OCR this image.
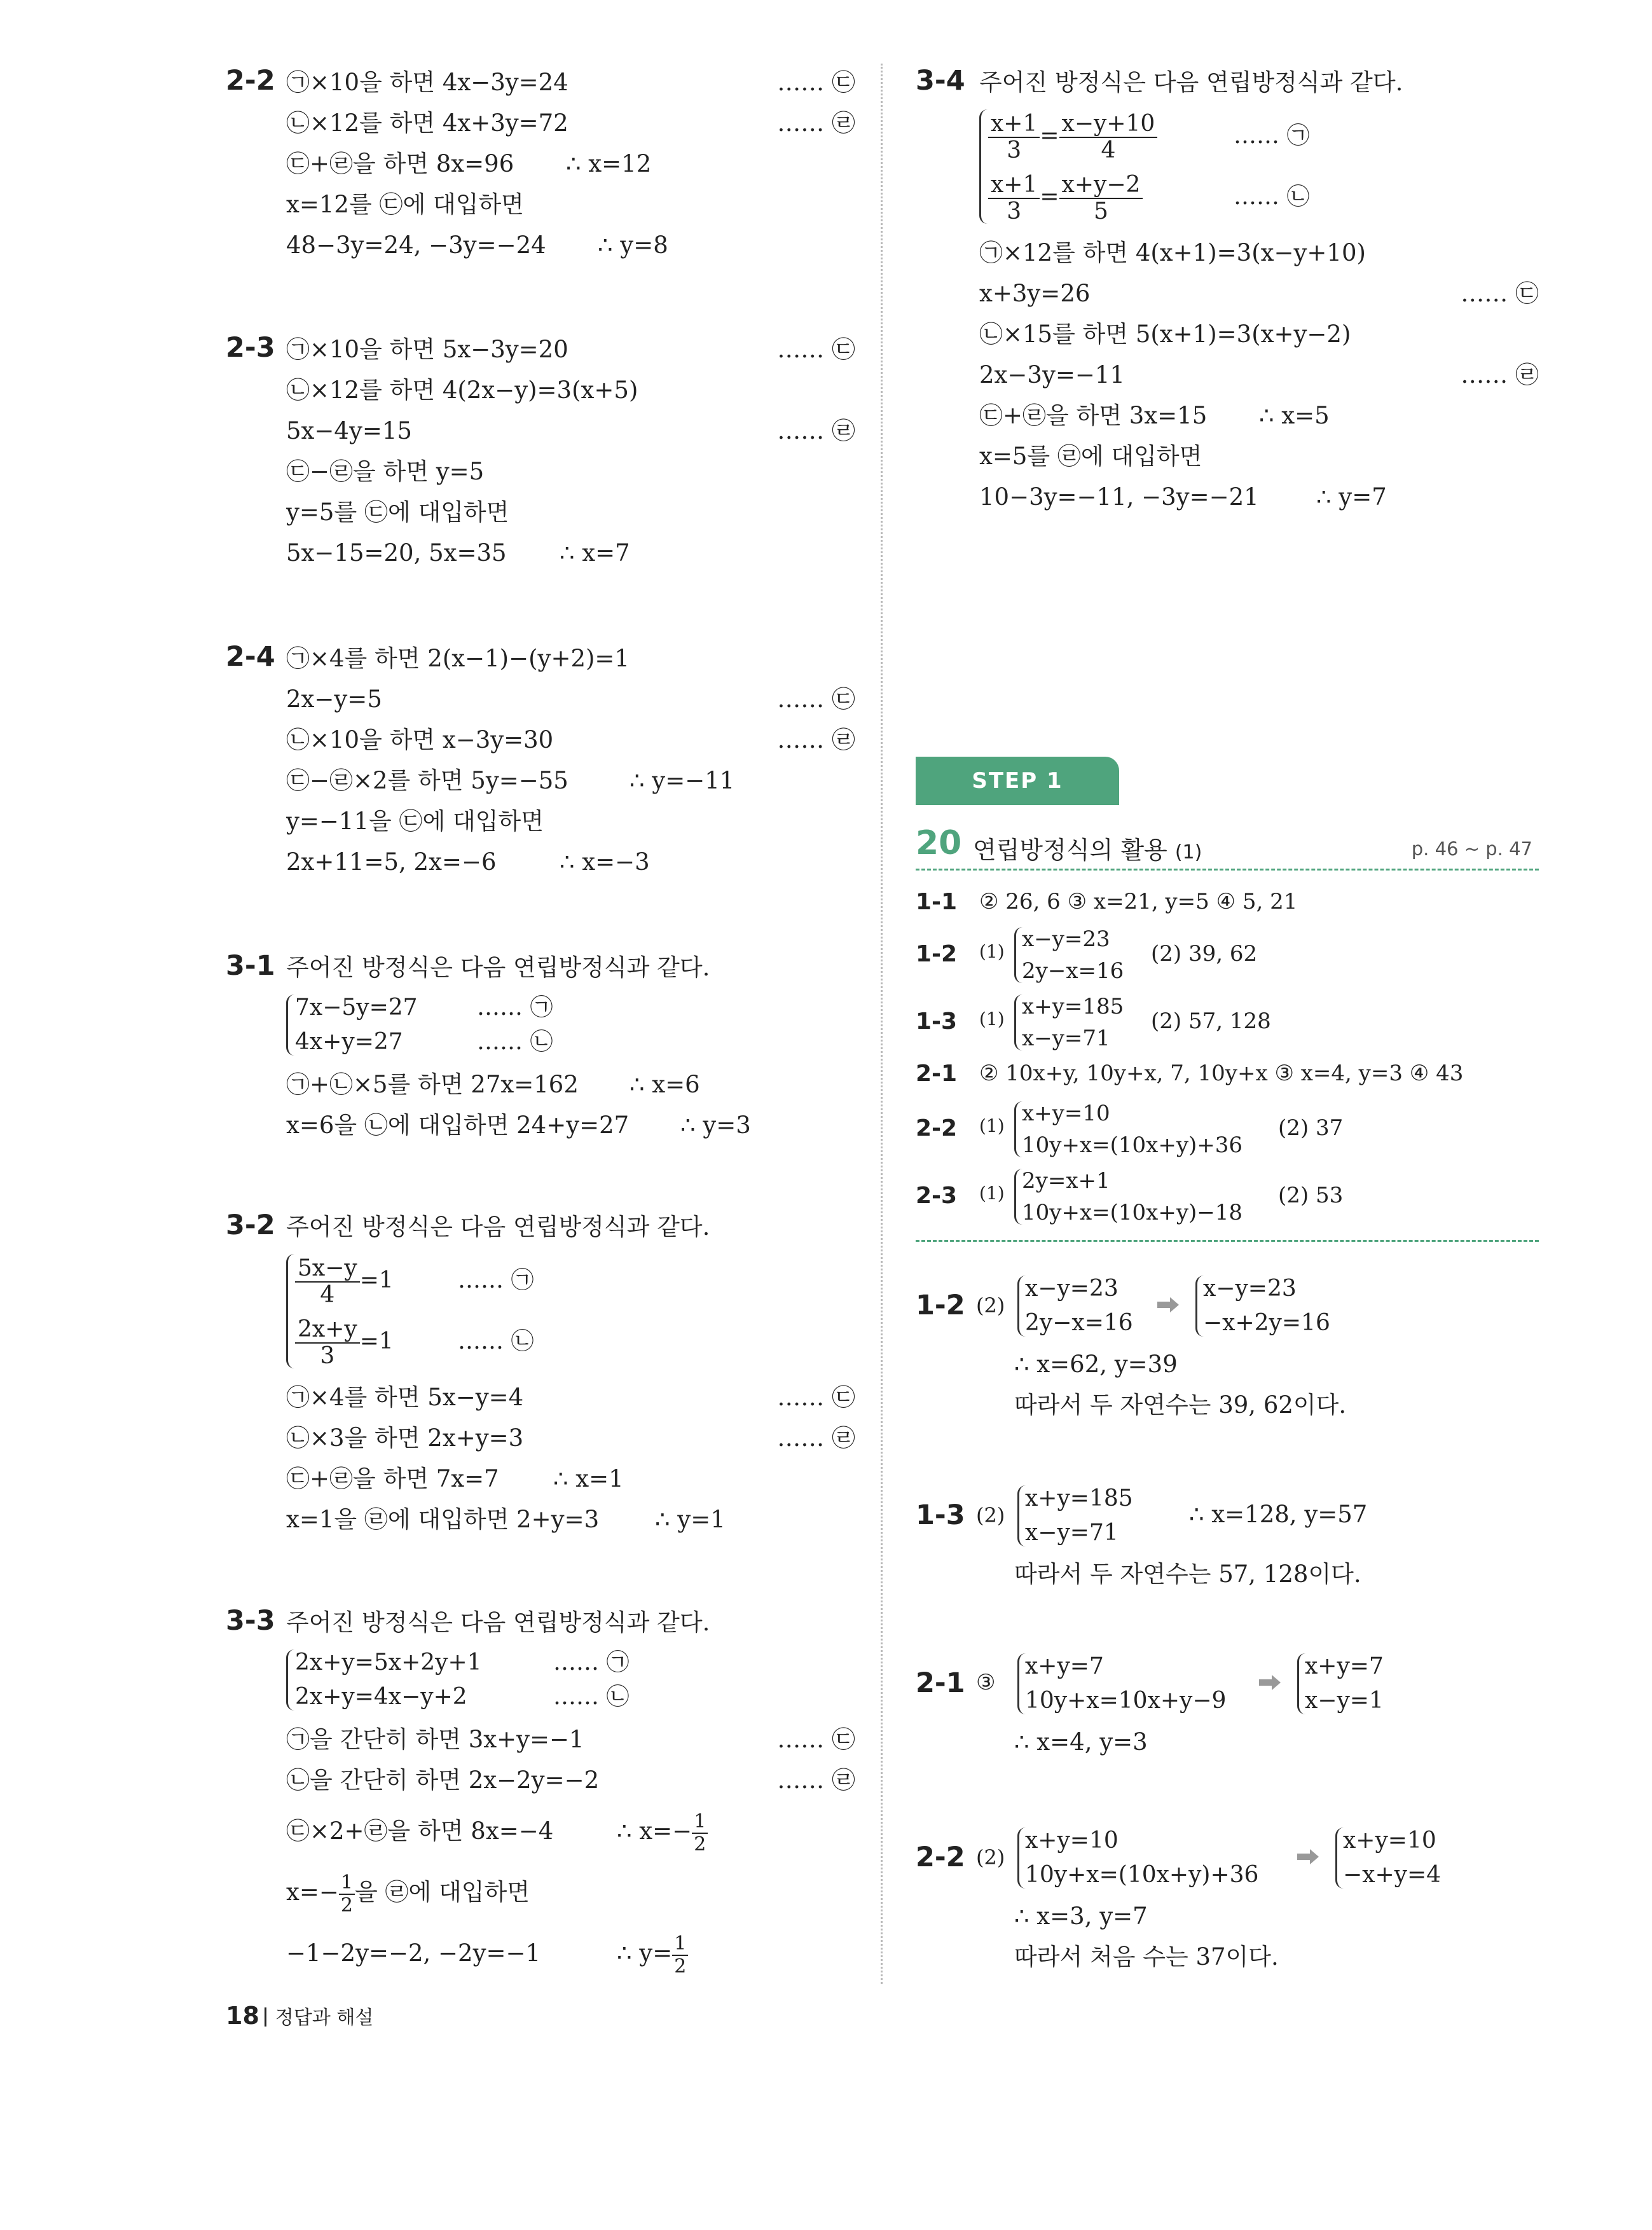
2-2 ㉠×10을 하면 4x−3y=24	…… ㉢
㉡×12를 하면 4x+3y=72	…… ㉣
㉢+㉣을 하면 8x=96 ∴ x=12
x=12를 ㉢에 대입하면
48−3y=24, −3y=−24 ∴ y=8
2-3 ㉠×10을 하면 5x−3y=20	…… ㉢
㉡×12를 하면 4(2x−y)=3(x+5)
5x−4y=15	…… ㉣
㉢−㉣을 하면 y=5
y=5를 ㉢에 대입하면
5x−15=20, 5x=35 ∴ x=7
2-4 ㉠×4를 하면 2(x−1)−(y+2)=1
2x−y=5	…… ㉢
㉡×10을 하면 x−3y=30	…… ㉣
㉢−㉣×2를 하면 5y=−55	∴ y=−11
y=−11을 ㉢에 대입하면
2x+11=5, 2x=−6	∴ x=−3
3-1 주어진 방정식은 다음 연립방정식과 같다.
7x−5y=27	…… ㉠
4x+y=27	…… ㉡
㉠+㉡×5를 하면 27x=162 ∴ x=6
x=6을 ㉡에 대입하면 24+y=27 ∴ y=3
3-2 주어진 방정식은 다음 연립방정식과 같다.
$\frac{5x-y}{4} =1$	…… ㉠
$\frac{2x+y}{3} =1$	…… ㉡
㉠×4를 하면 5x−y=4	…… ㉢
㉡×3을 하면 2x+y=3	…… ㉣
㉢+㉣을 하면 7x=7 ∴ x=1
x=1을 ㉣에 대입하면 2+y=3 ∴ y=1
3-3 주어진 방정식은 다음 연립방정식과 같다.
2x+y=5x+2y+1	…… ㉠
2x+y=4x−y+2	…… ㉡
㉠을 간단히 하면 3x+y=−1	…… ㉢
㉡을 간단히 하면 2x−2y=−2	…… ㉣
㉢×2+㉣을 하면 8x=−4	∴ $x=- \frac{1}{2}$
$x=- \frac{1}{2}$을 ㉣에 대입하면
−1−2y=−2, −2y=−1	∴ $y= \frac{1}{2}$
3-4 주어진 방정식은 다음 연립방정식과 같다.
$\frac{x+1}{3} = \frac{x-y+10}{4}$	…… ㉠
$\frac{x+1}{3} = \frac{x+y-2}{5}$	…… ㉡
㉠×12를 하면 4(x+1)=3(x−y+10)
x+3y=26	…… ㉢
㉡×15를 하면 5(x+1)=3(x+y−2)
2x−3y=−11	…… ㉣
㉢+㉣을 하면 3x=15 ∴ x=5
x=5를 ㉣에 대입하면
10−3y=−11, −3y=−21 ∴ y=7
STEP 1
20 연립방정식의 활용 (1)	p. 46 ~ p. 47
1-1 ② 26, 6 ③ x=21, y=5 ④ 5, 21
1-2 (1) x−y=23
2y−x=16
(2) 39, 62
1-3 (1) x+y=185
x−y=71
(2) 57, 128
2-1 ② 10x+y, 10y+x, 7, 10y+x ③ x=4, y=3 ④ 43
2-2 (1) x+y=10
10y+x=(10x+y)+36
(2) 37
2-3 (1) 2y=x+1
10y+x=(10x+y)−18
(2) 53
1-2 (2)
x−y=23
2y−x=16
x−y=23
−x+2y=16
∴ x=62, y=39
따라서 두 자연수는 39, 62이다.
1-3 (2)
x+y=185
x−y=71
∴ x=128, y=57
따라서 두 자연수는 57, 128이다.
2-1 ③
x+y=7
10y+x=10x+y−9
x+y=7
x−y=1
∴ x=4, y=3
2-2 (2)
x+y=10
10y+x=(10x+y)+36
x+y=10
−x+y=4
∴ x=3, y=7
따라서 처음 수는 37이다.
18 정답과 해설
